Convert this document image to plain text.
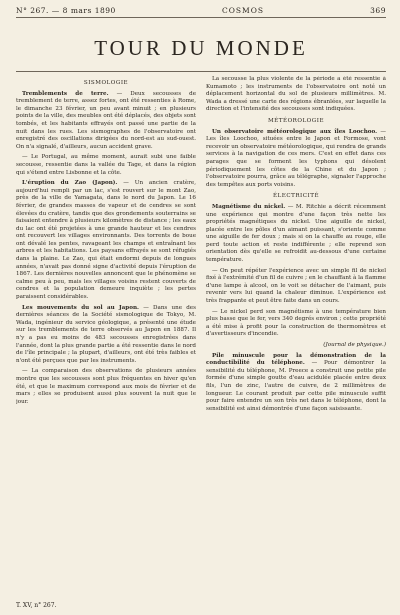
N° 267. — 8 mars 1890	COSMOS	369
TOUR DU MONDE
SISMOLOGIE

Tremblements de terre. — Deux secousses de tremblement de terre, assez fortes, ont été ressenties à Rome, le dimanche 23 février, un peu avant minuit ; en plusieurs points de la ville, des meubles ont été déplacés, des objets sont tombés, et les habitants effrayés ont passé une partie de la nuit dans les rues. Les sismographes de l'observatoire ont enregistré des oscillations dirigées du nord-est au sud-ouest. On n'a signalé, d'ailleurs, aucun accident grave.

— Le Portugal, au même moment, aurait subi une faible secousse, ressentie dans la vallée du Tage, et dans la région qui s'étend entre Lisbonne et la côte.

L'éruption du Zao (Japon). — Un ancien cratère, aujourd'hui rempli par un lac, s'est rouvert sur le mont Zao, près de la ville de Yamagata, dans le nord du Japon. Le 16 février, de grandes masses de vapeur et de cendres se sont élevées du cratère, tandis que des grondements souterrains se faisaient entendre à plusieurs kilomètres de distance ; les eaux du lac ont été projetées à une grande hauteur et les cendres ont recouvert les villages environnants. Des torrents de boue ont dévalé les pentes, ravageant les champs et entraînant les arbres et les habitations. Les paysans effrayés se sont réfugiés dans la plaine. Le Zao, qui était endormi depuis de longues années, n'avait pas donné signe d'activité depuis l'éruption de 1867. Les dernières nouvelles annoncent que le phénomène se calme peu à peu, mais les villages voisins restent couverts de cendres et la population demeure inquiète ; les pertes paraissent considérables.

Les mouvements du sol au Japon. — Dans une des dernières séances de la Société sismologique de Tokyo, M. Wada, ingénieur du service géologique, a présenté une étude sur les tremblements de terre observés au Japon en 1887. Il n'y a pas eu moins de 483 secousses enregistrées dans l'année, dont la plus grande partie a été ressentie dans le nord de l'île principale ; la plupart, d'ailleurs, ont été très faibles et n'ont été perçues que par les instruments.

— La comparaison des observations de plusieurs années montre que les secousses sont plus fréquentes en hiver qu'en été, et que le maximum correspond aux mois de février et de mars ; elles se produisent aussi plus souvent la nuit que le jour.

La secousse la plus violente de la période a été ressentie à Kumamoto ; les instruments de l'observatoire ont noté un déplacement horizontal du sol de plusieurs millimètres. M. Wada a dressé une carte des régions ébranlées, sur laquelle la direction et l'intensité des secousses sont indiquées.

MÉTÉOROLOGIE

Un observatoire météorologique aux îles Loochoo. — Les îles Loochoo, situées entre le Japon et Formose, vont recevoir un observatoire météorologique, qui rendra de grands services à la navigation de ces mers. C'est en effet dans ces parages que se forment les typhons qui désolent périodiquement les côtes de la Chine et du Japon ; l'observatoire pourra, grâce au télégraphe, signaler l'approche des tempêtes aux ports voisins.

ÉLECTRICITÉ

Magnétisme du nickel. — M. Ritchie a décrit récemment une expérience qui montre d'une façon très nette les propriétés magnétiques du nickel. Une aiguille de nickel, placée entre les pôles d'un aimant puissant, s'oriente comme une aiguille de fer doux ; mais si on la chauffe au rouge, elle perd toute action et reste indifférente ; elle reprend son orientation dès qu'elle se refroidit au-dessous d'une certaine température.

— On peut répéter l'expérience avec un simple fil de nickel fixé à l'extrémité d'un fil de cuivre ; en le chauffant à la flamme d'une lampe à alcool, on le voit se détacher de l'aimant, puis revenir vers lui quand la chaleur diminue. L'expérience est très frappante et peut être faite dans un cours.

— Le nickel perd son magnétisme à une température bien plus basse que le fer, vers 340 degrés environ ; cette propriété a été mise à profit pour la construction de thermomètres et d'avertisseurs d'incendie.

(Journal de physique.)

Pile minuscule pour la démonstration de la conductibilité du téléphone. — Pour démontrer la sensibilité du téléphone, M. Preece a construit une petite pile formée d'une simple goutte d'eau acidulée placée entre deux fils, l'un de zinc, l'autre de cuivre, de 2 millimètres de longueur. Le courant produit par cette pile minuscule suffit pour faire entendre un son très net dans le téléphone, dont la sensibilité est ainsi démontrée d'une façon saisissante.

T. XV, n° 267.
